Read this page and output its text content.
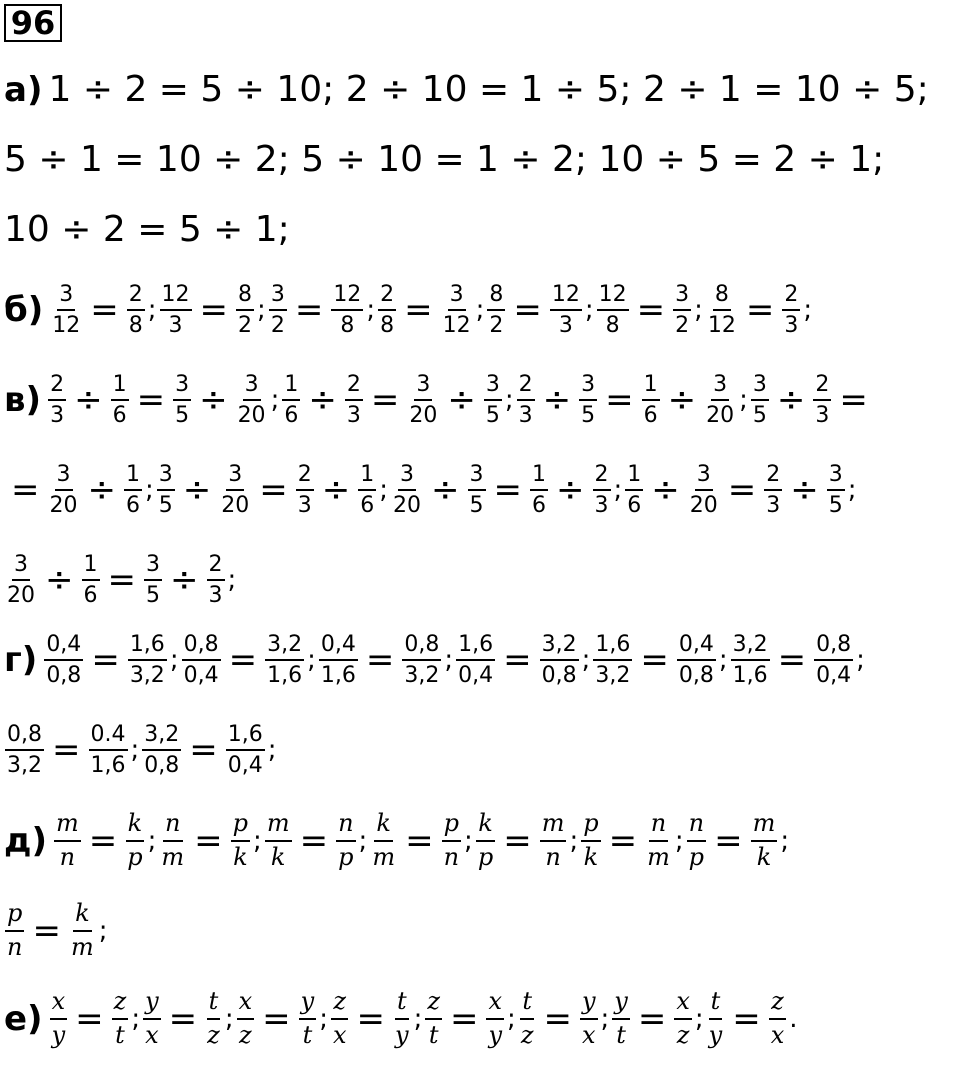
96
а) 1 ÷ 2 = 5 ÷ 10; 2 ÷ 10 = 1 ÷ 5; 2 ÷ 1 = 10 ÷ 5;
5 ÷ 1 = 10 ÷ 2; 5 ÷ 10 = 1 ÷ 2; 10 ÷ 5 = 2 ÷ 1;
10 ÷ 2 = 5 ÷ 1;
$б) \frac{3}{12} = \frac{2}{8}$ ; $\frac{12}{3} = \frac{8}{2}$ ; $\frac{3}{2} = \frac{12}{8}$ ; $\frac{2}{8} = \frac{3}{12}$ ; $\frac{8}{2} = \frac{12}{3}$ ; $\frac{12}{8} = \frac{3}{2}$ ; $\frac{8}{12} = \frac{2}{3}$ ;
$в) \frac{2}{3} \div \frac{1}{6} = \frac{3}{5} \div \frac{3}{20}$ ; $\frac{1}{6} \div \frac{2}{3} = \frac{3}{20} \div \frac{3}{5}$ ; $\frac{2}{3} \div \frac{3}{5} = \frac{1}{6} \div \frac{3}{20}$ ; $\frac{3}{5} \div \frac{2}{3}$ =
= $\frac{3}{20} \div \frac{1}{6}$ ; $\frac{3}{5} \div \frac{3}{20} = \frac{2}{3} \div \frac{1}{6}$ ; $\frac{3}{20} \div \frac{3}{5} = \frac{1}{6} \div \frac{2}{3}$ ; $\frac{1}{6} \div \frac{3}{20} = \frac{2}{3} \div \frac{3}{5}$ ;
$\frac{3}{20} \div \frac{1}{6} = \frac{3}{5} \div \frac{2}{3}$ ;
$г) \frac{0,4}{0,8} = \frac{1,6}{3,2}$ ; $\frac{0,8}{0,4} = \frac{3,2}{1,6}$ ; $\frac{0,4}{1,6} = \frac{0,8}{3,2}$ ; $\frac{1,6}{0,4} = \frac{3,2}{0,8}$ ; $\frac{1,6}{3,2} = \frac{0,4}{0,8}$ ; $\frac{3,2}{1,6} = \frac{0,8}{0,4}$ ;
$\frac{0,8}{3,2} = \frac{0.4}{1,6}$ ; $\frac{3,2}{0,8} = \frac{1,6}{0,4}$ ;
$д) \frac{m}{n} = \frac{k}{p}$ ; $\frac{n}{m} = \frac{p}{k}$ ; $\frac{m}{k} = \frac{n}{p}$ ; $\frac{k}{m} = \frac{p}{n}$ ; $\frac{k}{p} = \frac{m}{n}$ ; $\frac{p}{k} = \frac{n}{m}$ ; $\frac{n}{p} = \frac{m}{k}$ ;
$\frac{p}{n} = \frac{k}{m}$ ;
$е) \frac{x}{y} = \frac{z}{t}$ ; $\frac{y}{x} = \frac{t}{z}$ ; $\frac{x}{z} = \frac{y}{t}$ ; $\frac{z}{x} = \frac{t}{y}$ ; $\frac{z}{t} = \frac{x}{y}$ ; $\frac{t}{z} = \frac{y}{x}$ ; $\frac{y}{t} = \frac{x}{z}$ ; $\frac{t}{y} = \frac{z}{x}$ .
